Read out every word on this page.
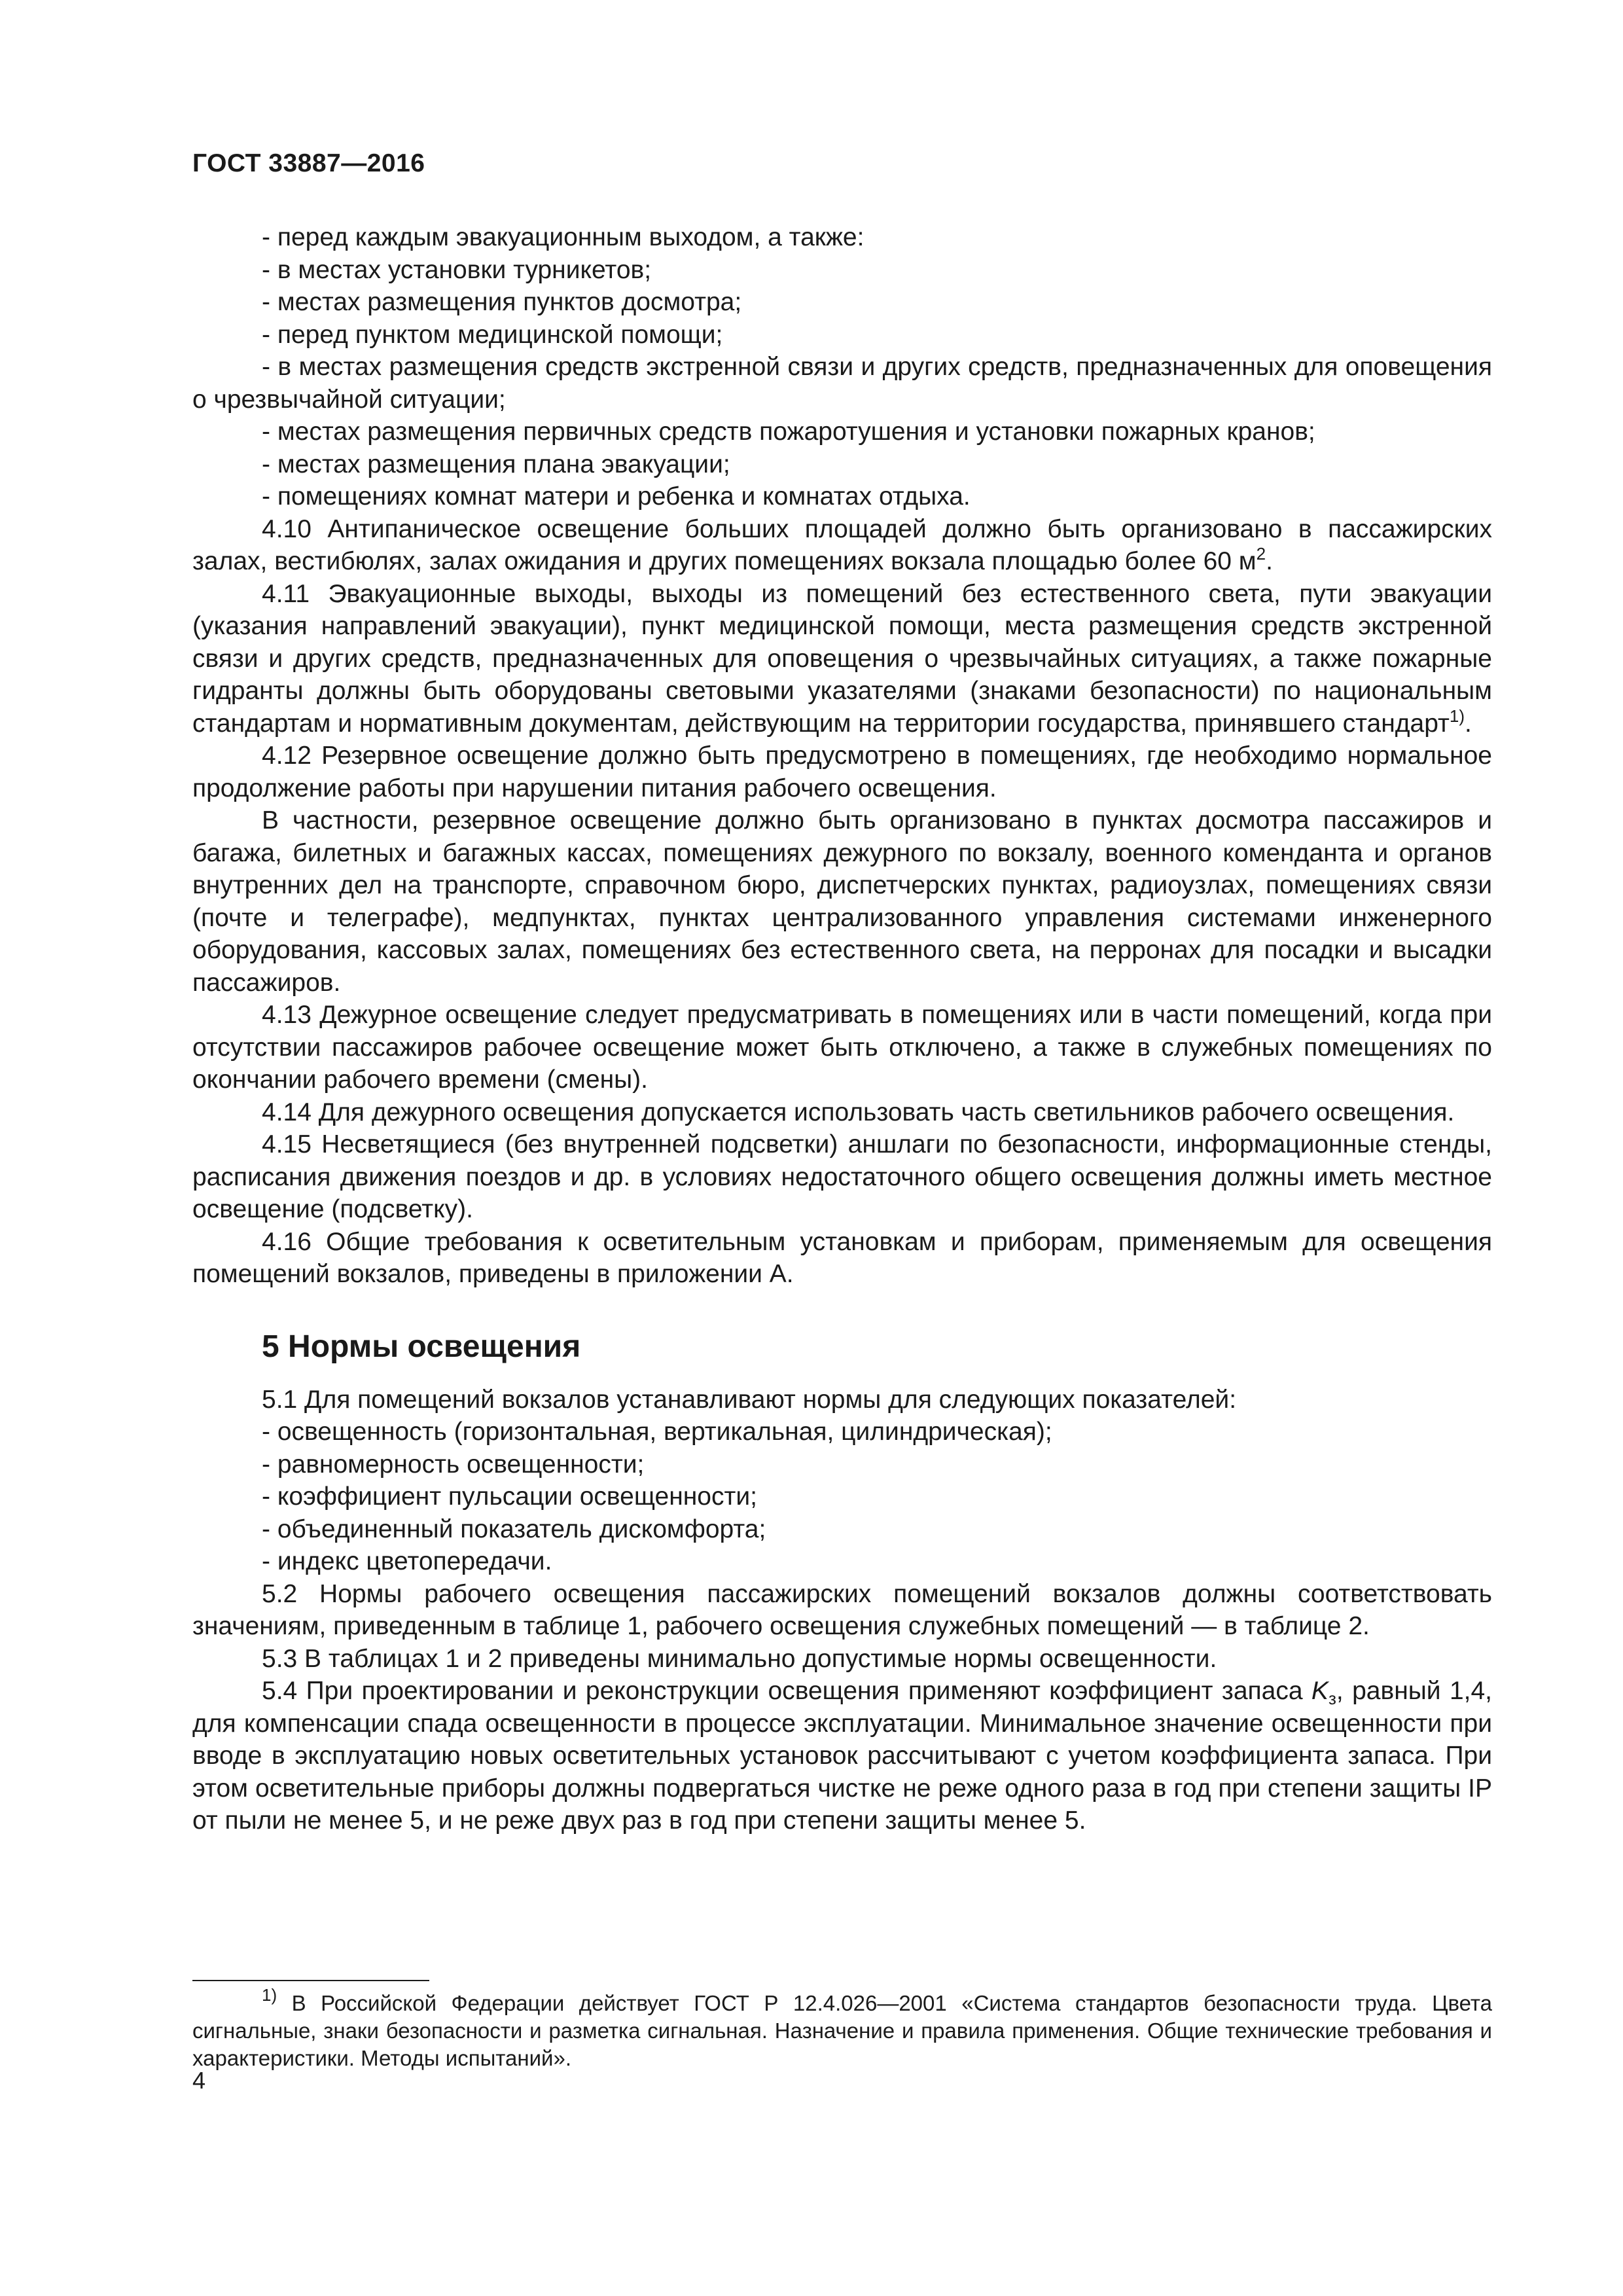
ГОСТ 33887—2016

- перед каждым эвакуационным выходом, а также:

- в местах установки турникетов;

- местах размещения пунктов досмотра;

- перед пунктом медицинской помощи;

- в местах размещения средств экстренной связи и других средств, предназначенных для оповещения о чрезвычайной ситуации;

- местах размещения первичных средств пожаротушения и установки пожарных кранов;

- местах размещения плана эвакуации;

- помещениях комнат матери и ребенка и комнатах отдыха.

4.10 Антипаническое освещение больших площадей должно быть организовано в пассажирских залах, вестибюлях, залах ожидания и других помещениях вокзала площадью более 60 $м^2$.

4.11 Эвакуационные выходы, выходы из помещений без естественного света, пути эвакуации (указания направлений эвакуации), пункт медицинской помощи, места размещения средств экстренной связи и других средств, предназначенных для оповещения о чрезвычайных ситуациях, а также пожарные гидранты должны быть оборудованы световыми указателями (знаками безопасности) по национальным стандартам и нормативным документам, действующим на территории государства, принявшего стандарт$^{1)}$.

4.12 Резервное освещение должно быть предусмотрено в помещениях, где необходимо нормальное продолжение работы при нарушении питания рабочего освещения.

В частности, резервное освещение должно быть организовано в пунктах досмотра пассажиров и багажа, билетных и багажных кассах, помещениях дежурного по вокзалу, военного коменданта и органов внутренних дел на транспорте, справочном бюро, диспетчерских пунктах, радиоузлах, помещениях связи (почте и телеграфе), медпунктах, пунктах централизованного управления системами инженерного оборудования, кассовых залах, помещениях без естественного света, на перронах для посадки и высадки пассажиров.

4.13 Дежурное освещение следует предусматривать в помещениях или в части помещений, когда при отсутствии пассажиров рабочее освещение может быть отключено, а также в служебных помещениях по окончании рабочего времени (смены).

4.14 Для дежурного освещения допускается использовать часть светильников рабочего освещения.

4.15 Несветящиеся (без внутренней подсветки) аншлаги по безопасности, информационные стенды, расписания движения поездов и др. в условиях недостаточного общего освещения должны иметь местное освещение (подсветку).

4.16 Общие требования к осветительным установкам и приборам, применяемым для освещения помещений вокзалов, приведены в приложении А.

5 Нормы освещения

5.1 Для помещений вокзалов устанавливают нормы для следующих показателей:

- освещенность (горизонтальная, вертикальная, цилиндрическая);

- равномерность освещенности;

- коэффициент пульсации освещенности;

- объединенный показатель дискомфорта;

- индекс цветопередачи.

5.2 Нормы рабочего освещения пассажирских помещений вокзалов должны соответствовать значениям, приведенным в таблице 1, рабочего освещения служебных помещений — в таблице 2.

5.3 В таблицах 1 и 2 приведены минимально допустимые нормы освещенности.

5.4 При проектировании и реконструкции освещения применяют коэффициент запаса $K_з$, равный 1,4, для компенсации спада освещенности в процессе эксплуатации. Минимальное значение освещенности при вводе в эксплуатацию новых осветительных установок рассчитывают с учетом коэффициента запаса. При этом осветительные приборы должны подвергаться чистке не реже одного раза в год при степени защиты IP от пыли не менее 5, и не реже двух раз в год при степени защиты менее 5.

$^{1)}$ В Российской Федерации действует ГОСТ Р 12.4.026—2001 «Система стандартов безопасности труда. Цвета сигнальные, знаки безопасности и разметка сигнальная. Назначение и правила применения. Общие технические требования и характеристики. Методы испытаний».

4
